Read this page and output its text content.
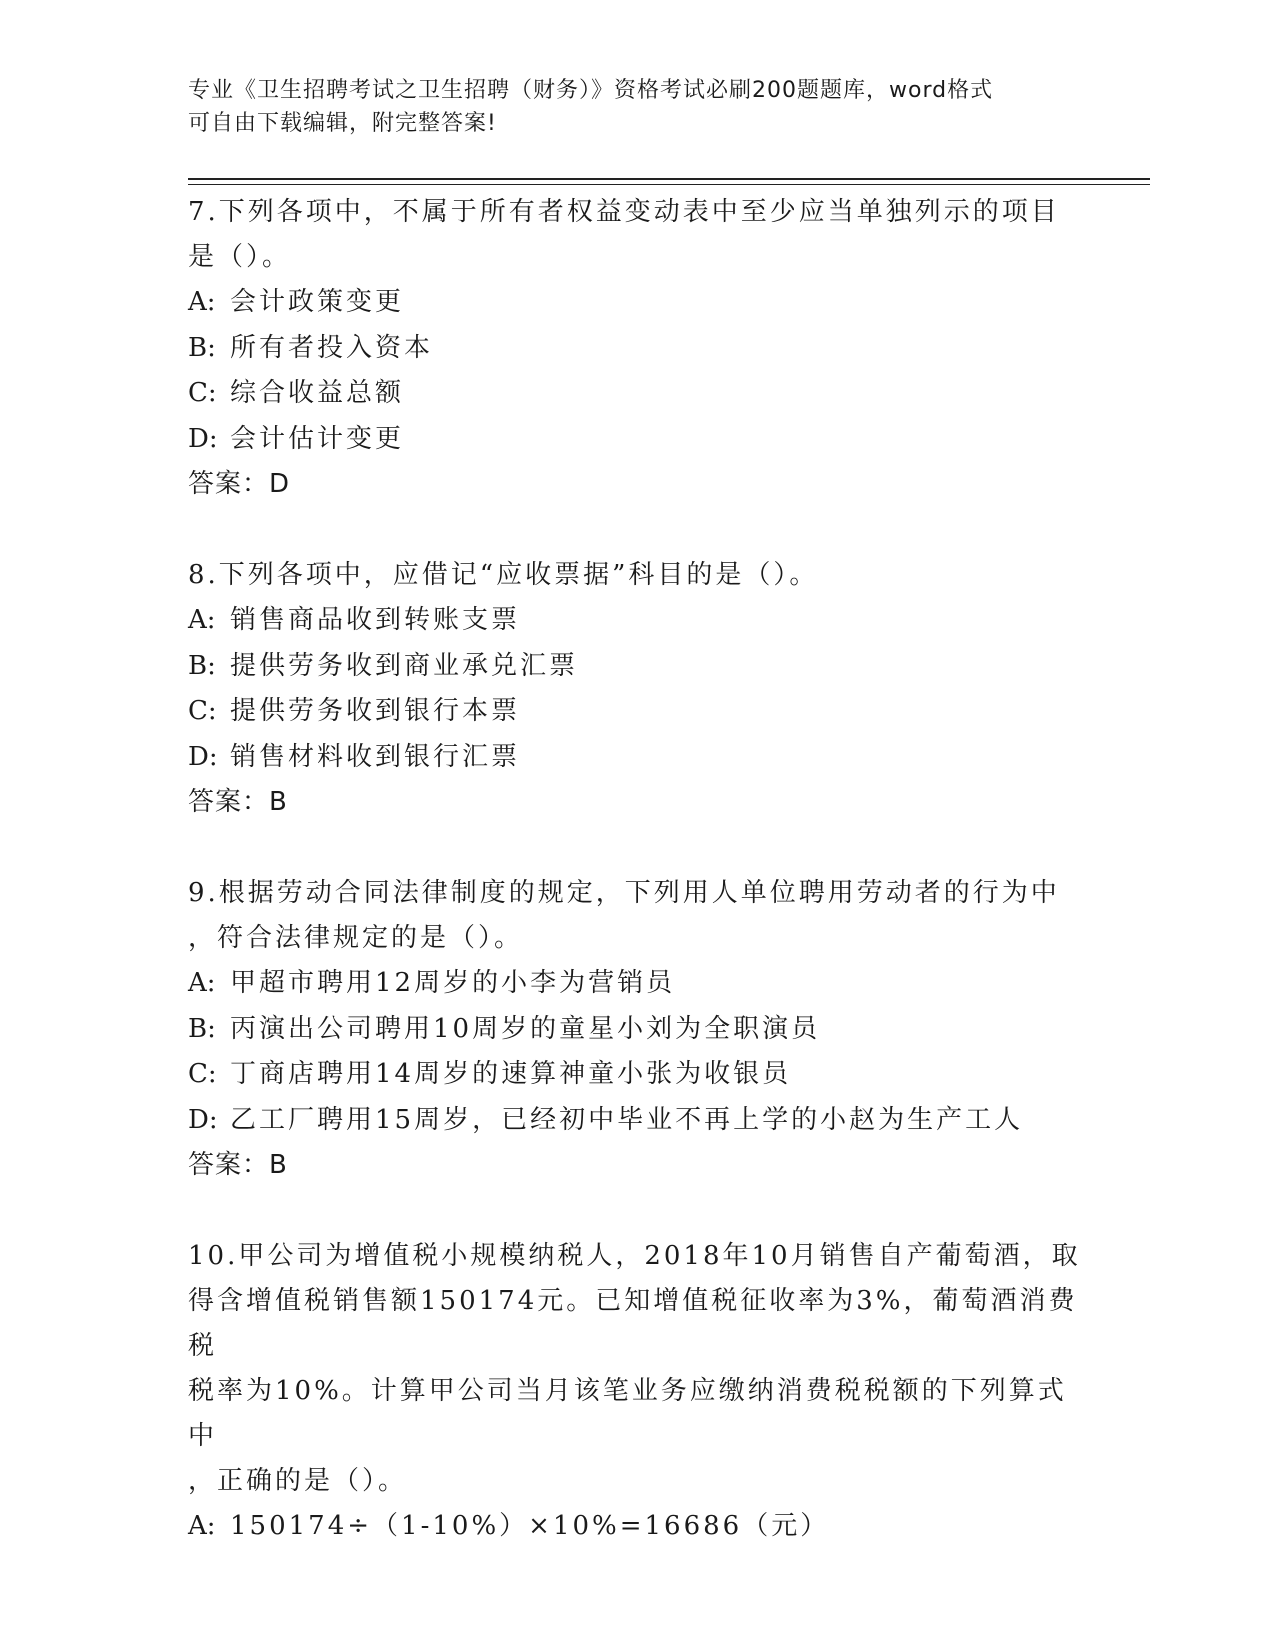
专业《卫生招聘考试之卫生招聘（财务）》资格考试必刷200题题库，word格式
可自由下载编辑，附完整答案!

7.下列各项中，不属于所有者权益变动表中至少应当单独列示的项目

是（）。

A: 会计政策变更

B: 所有者投入资本

C: 综合收益总额

D: 会计估计变更

答案：D

8.下列各项中，应借记“应收票据”科目的是（）。

A: 销售商品收到转账支票

B: 提供劳务收到商业承兑汇票

C: 提供劳务收到银行本票

D: 销售材料收到银行汇票

答案：B

9.根据劳动合同法律制度的规定，下列用人单位聘用劳动者的行为中

，符合法律规定的是（）。

A: 甲超市聘用12周岁的小李为营销员

B: 丙演出公司聘用10周岁的童星小刘为全职演员

C: 丁商店聘用14周岁的速算神童小张为收银员

D: 乙工厂聘用15周岁，已经初中毕业不再上学的小赵为生产工人

答案：B

10.甲公司为增值税小规模纳税人，2018年10月销售自产葡萄酒，取

得含增值税销售额150174元。已知增值税征收率为3%，葡萄酒消费税

税率为10%。计算甲公司当月该笔业务应缴纳消费税税额的下列算式中

，正确的是（）。

A: 150174÷（1-10%）×10%=16686（元）
